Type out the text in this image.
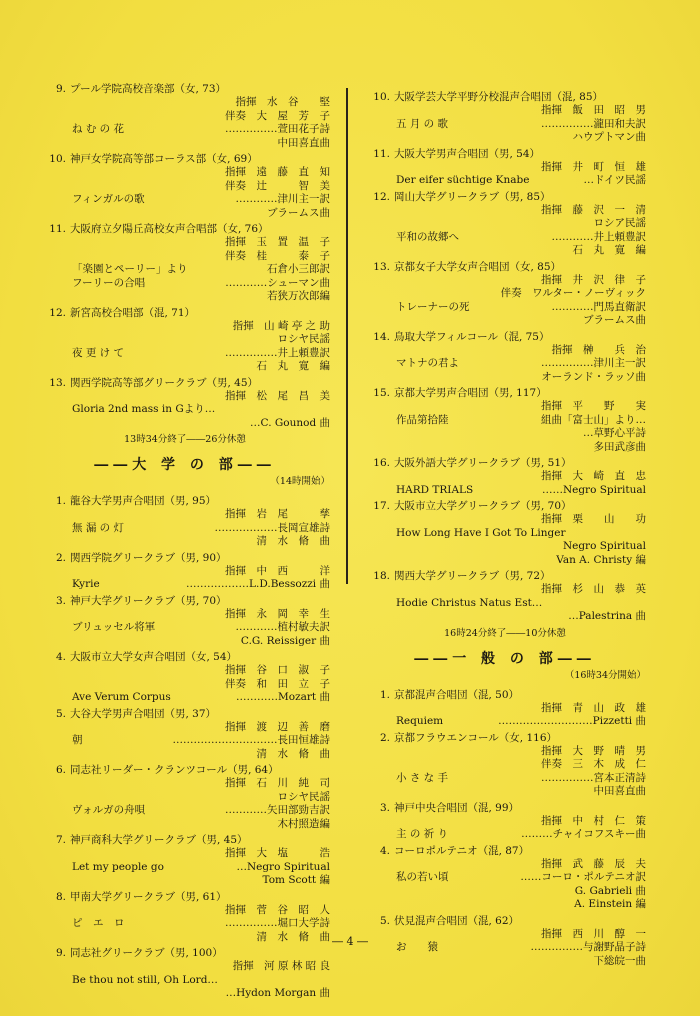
9. プール学院高校音楽部（女, 73）
指揮　水　谷　　堅
伴奏　大　屋　芳　子
ね む の 花	……………萱田花子詩
中田喜直曲
10. 神戸女学院高等部コーラス部（女, 69）
指揮　遠　藤　直　知
伴奏　辻　　　智　美
フィンガルの歌	…………津川主一訳
ブラームス曲
11. 大阪府立夕陽丘高校女声合唱部（女, 76）
指揮　玉　置　温　子
伴奏　桂　　　泰　子
「楽園とペーリー」より	石倉小三郎訳
フーリーの合唱	…………シューマン曲
若狭万次郎編
12. 新宮高校合唱部（混, 71）
指揮　山 崎 亭 之 助
ロシヤ民謡
夜 更 け て	……………井上頼豊訳
石　丸　寛　編
13. 関西学院高等部グリークラブ（男, 45）
指揮　松　尾　昌　美
Gloria 2nd mass in Gより…
…C. Gounod 曲
13時34分終了――26分休憩
――大 学 の 部――
（14時開始）
1. 龍谷大学男声合唱団（男, 95）
指揮　岩　尾　　　孳
無 漏 の 灯	………………長岡宣雄詩
清　水　脩　曲
2. 関西学院グリークラブ（男, 90）
指揮　中　西　　　洋
Kyrie	………………L.D.Bessozzi 曲
3. 神戸大学グリークラブ（男, 70）
指揮　永　岡　幸　生
ブリュッセル将軍	…………植村敏夫訳
C.G. Reissiger 曲
4. 大阪市立大学女声合唱団（女, 54）
指揮　谷　口　淑　子
伴奏　和　田　立　子
Ave Verum Corpus	…………Mozart 曲
5. 大谷大学男声合唱団（男, 37）
指揮　渡　辺　善　磨
朝	…………………………長田恒雄詩
清　水　脩　曲
6. 同志社リーダー・クランツコール（男, 64）
指揮　石　川　純　司
ロシヤ民謡
ヴォルガの舟唄	…………矢田部勁吉訳
木村照造編
7. 神戸商科大学グリークラブ（男, 45）
指揮　大　塩　　　浩
Let my people go	…Negro Spiritual
Tom Scott 編
8. 甲南大学グリークラブ（男, 61）
指揮　菅　谷　昭　人
ピ　エ　ロ	……………堀口大学詩
清　水　脩　曲
9. 同志社グリークラブ（男, 100）
指揮　河 原 林 昭 良
Be thou not still, Oh Lord…
…Hydon Morgan 曲
10. 大阪学芸大学平野分校混声合唱団（混, 85）
指揮　飯　田　昭　男
五 月 の 歌	……………瀧田和夫訳
ハウプトマン曲
11. 大阪大学男声合唱団（男, 54）
指揮　井　町　恒　雄
Der eifer süchtige Knabe	…ドイツ民謡
12. 岡山大学グリークラブ（男, 85）
指揮　藤　沢　一　清
ロシア民謡
平和の故郷へ	…………井上頼豊訳
石　丸　寛　編
13. 京都女子大学女声合唱団（女, 85）
指揮　井　沢　律　子
伴奏　ワルター・ノーヴィック
トレーナーの死	…………門馬直衛訳
ブラームス曲
14. 鳥取大学フィルコール（混, 75）
指揮　榊　　兵　治
マトナの君よ	……………津川主一訳
オーランド・ラッソ曲
15. 京都大学男声合唱団（男, 117）
指揮　平　　野　　実
作品第拾陸	組曲「富士山」より…
…草野心平詩
多田武彦曲
16. 大阪外語大学グリークラブ（男, 51）
指揮　大　崎　直　忠
HARD TRIALS	……Negro Spiritual
17. 大阪市立大学グリークラブ（男, 70）
指揮　栗　　山　　功
How Long Have I Got To Linger
Negro Spiritual
Van A. Christy 編
18. 関西大学グリークラブ（男, 72）
指揮　杉　山　恭　英
Hodie Christus Natus Est…
…Palestrina 曲
16時24分終了――10分休憩
――一 般 の 部――
（16時34分開始）
1. 京都混声合唱団（混, 50）
指揮　青　山　政　雄
Requiem	………………………Pizzetti 曲
2. 京都フラウエンコール（女, 116）
指揮　大　野　晴　男
伴奏　三　木　成　仁
小 さ な 手	……………宮本正清詩
中田喜直曲
3. 神戸中央合唱団（混, 99）
指揮　中　村　仁　策
主 の 祈 り	………チャイコフスキー曲
4. コーロポルテニオ（混, 87）
指揮　武　藤　辰　夫
私の若い頃	……コーロ・ポルテニオ訳
G. Gabrieli 曲
A. Einstein 編
5. 伏見混声合唱団（混, 62）
指揮　西　川　醇　一
お　　猿	……………与謝野晶子詩
下総皖一曲
― 4 ―
